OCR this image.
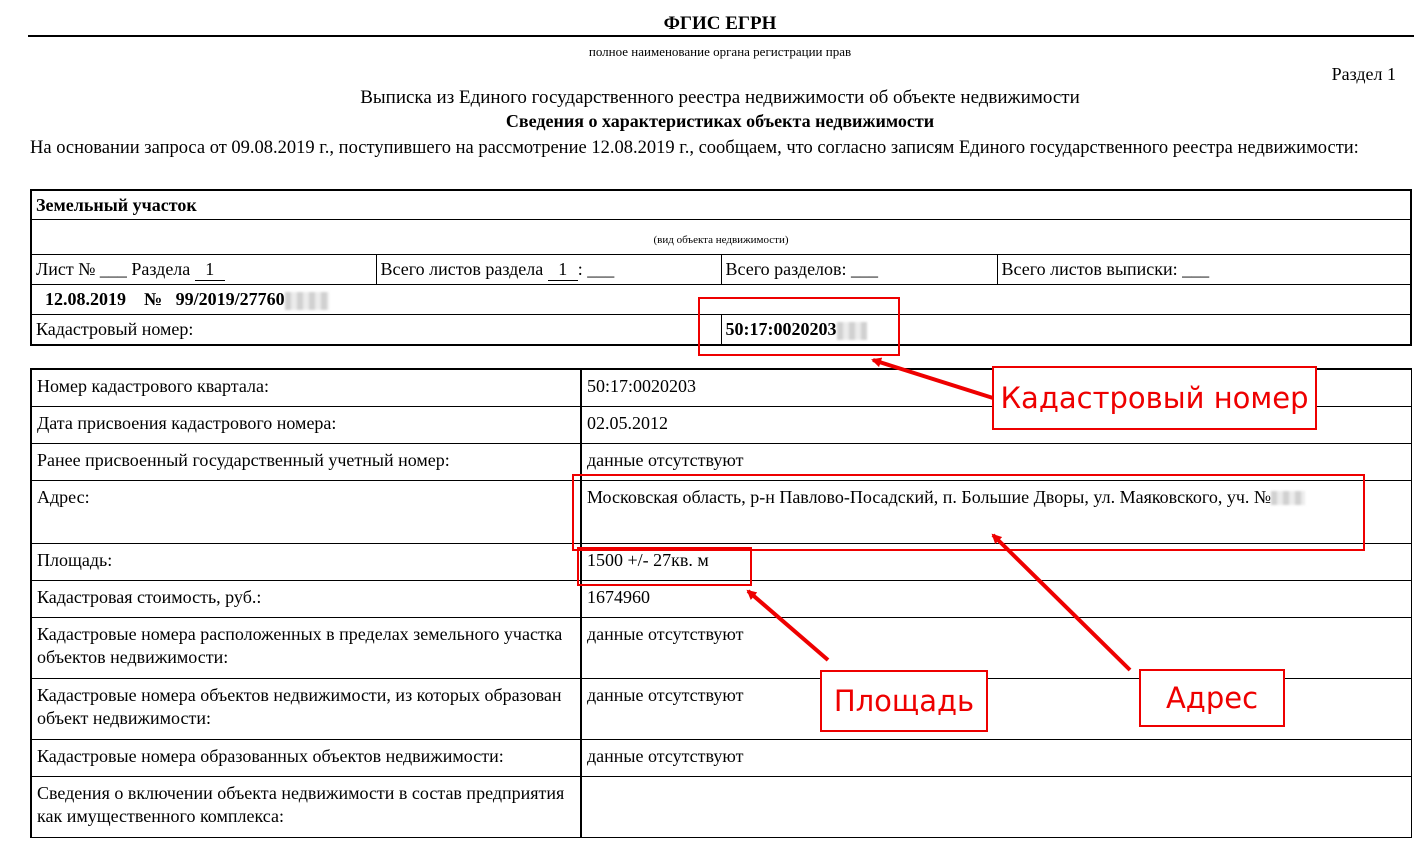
ФГИС ЕГРН
полное наименование органа регистрации прав
Раздел 1
Выписка из Единого государственного реестра недвижимости об объекте недвижимости
Сведения о характеристиках объекта недвижимости
На основании запроса от 09.08.2019 г., поступившего на рассмотрение 12.08.2019 г., сообщаем, что согласно записям Единого государственного реестра недвижимости:
Земельный участок			
(вид объекта недвижимости)			
Лист № ___ Раздела 1	Всего листов раздела 1 : ___	Всего разделов: ___	Всего листов выписки: ___
12.08.2019 № 99/2019/27760			
Кадастровый номер:		50:17:0020203	
Номер кадастрового квартала:	50:17:0020203
Дата присвоения кадастрового номера:	02.05.2012
Ранее присвоенный государственный учетный номер:	данные отсутствуют
Адрес:	Московская область, р-н Павлово-Посадский, п. Большие Дворы, ул. Маяковского, уч. №
Площадь:	1500 +/- 27кв. м
Кадастровая стоимость, руб.:	1674960
Кадастровые номера расположенных в пределах земельного участка объектов недвижимости:	данные отсутствуют
Кадастровые номера объектов недвижимости, из которых образован объект недвижимости:	данные отсутствуют
Кадастровые номера образованных объектов недвижимости:	данные отсутствуют
Сведения о включении объекта недвижимости в состав предприятия как имущественного комплекса:	
Кадастровый номер
Площадь	Адрес
